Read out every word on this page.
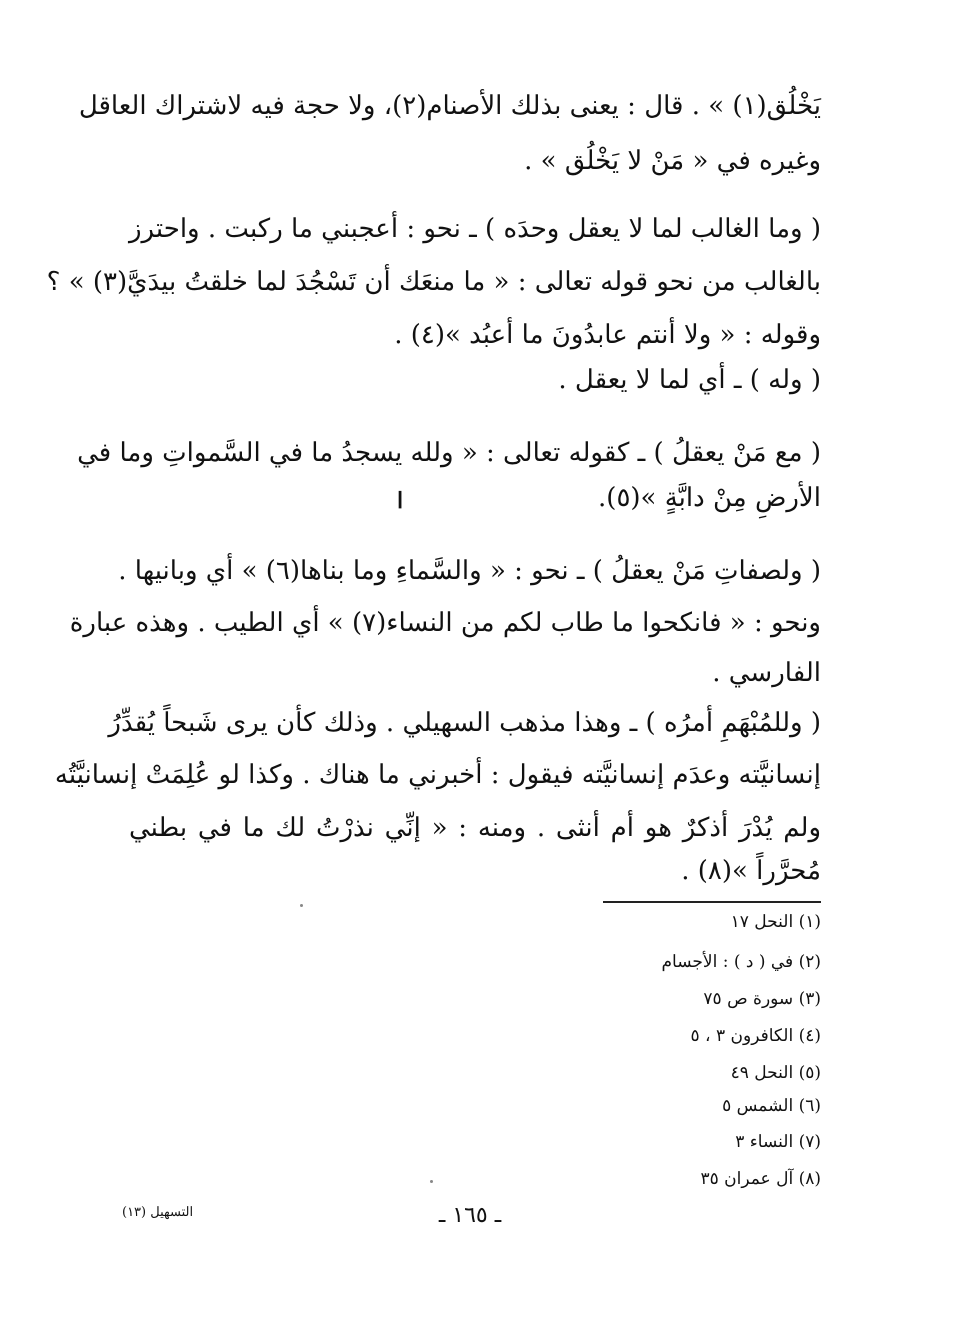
يَخْلُق(١) » . قال : يعنى بذلك الأصنام(٢)، ولا حجة فيه لاشتراك العاقل
وغيره في « مَنْ لا يَخْلُق » .
( وما الغالب لما لا يعقل وحدَه ) ـ نحو : أعجبني ما ركبت . واحترز
بالغالب من نحو قوله تعالى : « ما منعَك أن تَسْجُدَ لما خلقتُ بيدَيَّ(٣) » ؟
وقوله : « ولا أنتم عابدُونَ ما أعبُد »(٤) .
( وله ) ـ أي لما لا يعقل .
( مع مَنْ يعقلُ ) ـ كقوله تعالى : « ولله يسجدُ ما في السَّمواتِ وما في
الأرضِ مِنْ دابَّةٍ »(٥).
ا
( ولصفاتِ مَنْ يعقلُ ) ـ نحو : « والسَّماءِ وما بناها(٦) » أي وبانيها .
ونحو : « فانكحوا ما طاب لكم من النساء(٧) » أي الطيب . وهذه عبارة
الفارسي .
( وللمُبْهَمِ أمرُه ) ـ وهذا مذهب السهيلي . وذلك كأن يرى شَبحاً يُقدِّرُ
إنسانيَّته وعدَم إنسانيَّته فيقول : أخبرني ما هناك . وكذا لو عُلِمَتْ إنسانيَّتُه
ولم يُدْرَ أذكرٌ هو أم أنثى . ومنه : « إنِّي نذرْتُ لك ما في بطني
مُحرَّراً »(٨) .
(١) النحل ١٧
(٢) في ( د ) : الأجسام
(٣) سورة ص ٧٥
(٤) الكافرون ٣ ، ٥
(٥) النحل ٤٩
(٦) الشمس ٥
(٧) النساء ٣
(٨) آل عمران ٣٥
ـ ١٦٥ ـ
التسهيل (١٣)
